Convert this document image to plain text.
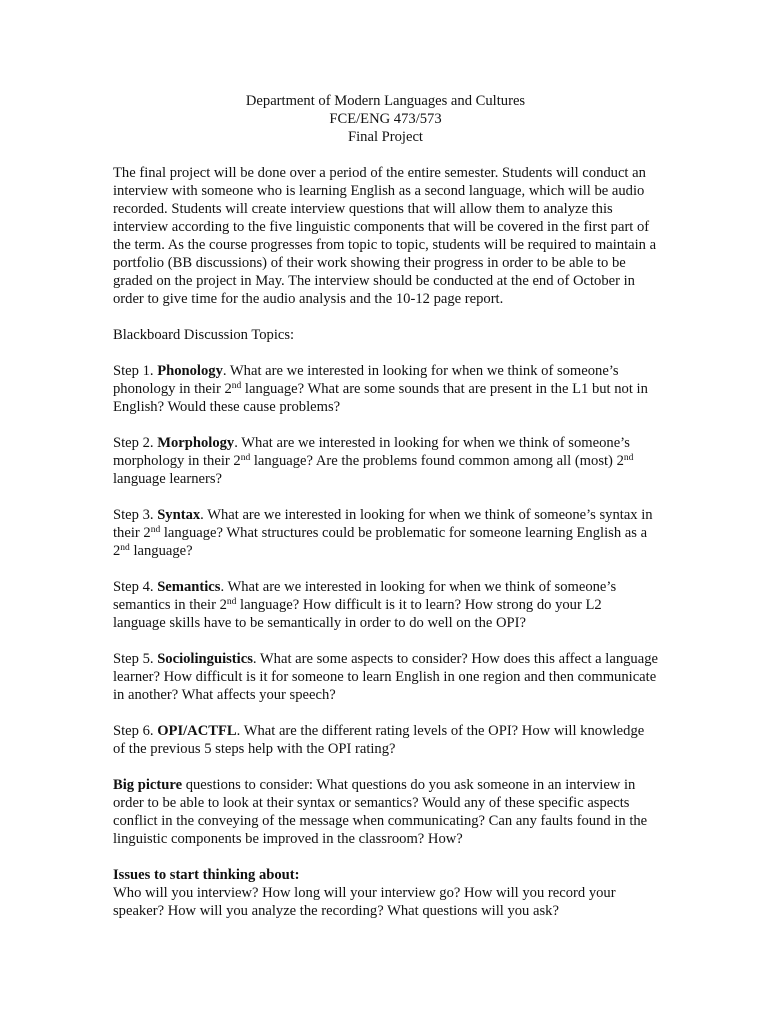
Department of Modern Languages and Cultures
FCE/ENG 473/573
Final Project

The final project will be done over a period of the entire semester. Students will conduct an interview with someone who is learning English as a second language, which will be audio recorded. Students will create interview questions that will allow them to analyze this interview according to the five linguistic components that will be covered in the first part of the term. As the course progresses from topic to topic, students will be required to maintain a portfolio (BB discussions) of their work showing their progress in order to be able to be graded on the project in May. The interview should be conducted at the end of October in order to give time for the audio analysis and the 10-12 page report.

Blackboard Discussion Topics:

Step 1. Phonology. What are we interested in looking for when we think of someone’s phonology in their 2nd language? What are some sounds that are present in the L1 but not in English? Would these cause problems?

Step 2. Morphology. What are we interested in looking for when we think of someone’s morphology in their 2nd language? Are the problems found common among all (most) 2nd language learners?

Step 3. Syntax. What are we interested in looking for when we think of someone’s syntax in their 2nd language? What structures could be problematic for someone learning English as a 2nd language?

Step 4. Semantics. What are we interested in looking for when we think of someone’s semantics in their 2nd language? How difficult is it to learn? How strong do your L2 language skills have to be semantically in order to do well on the OPI?

Step 5. Sociolinguistics. What are some aspects to consider? How does this affect a language learner? How difficult is it for someone to learn English in one region and then communicate in another? What affects your speech?

Step 6. OPI/ACTFL. What are the different rating levels of the OPI? How will knowledge of the previous 5 steps help with the OPI rating?

Big picture questions to consider: What questions do you ask someone in an interview in order to be able to look at their syntax or semantics? Would any of these specific aspects conflict in the conveying of the message when communicating? Can any faults found in the linguistic components be improved in the classroom? How?

Issues to start thinking about:
Who will you interview? How long will your interview go? How will you record your speaker? How will you analyze the recording? What questions will you ask?
